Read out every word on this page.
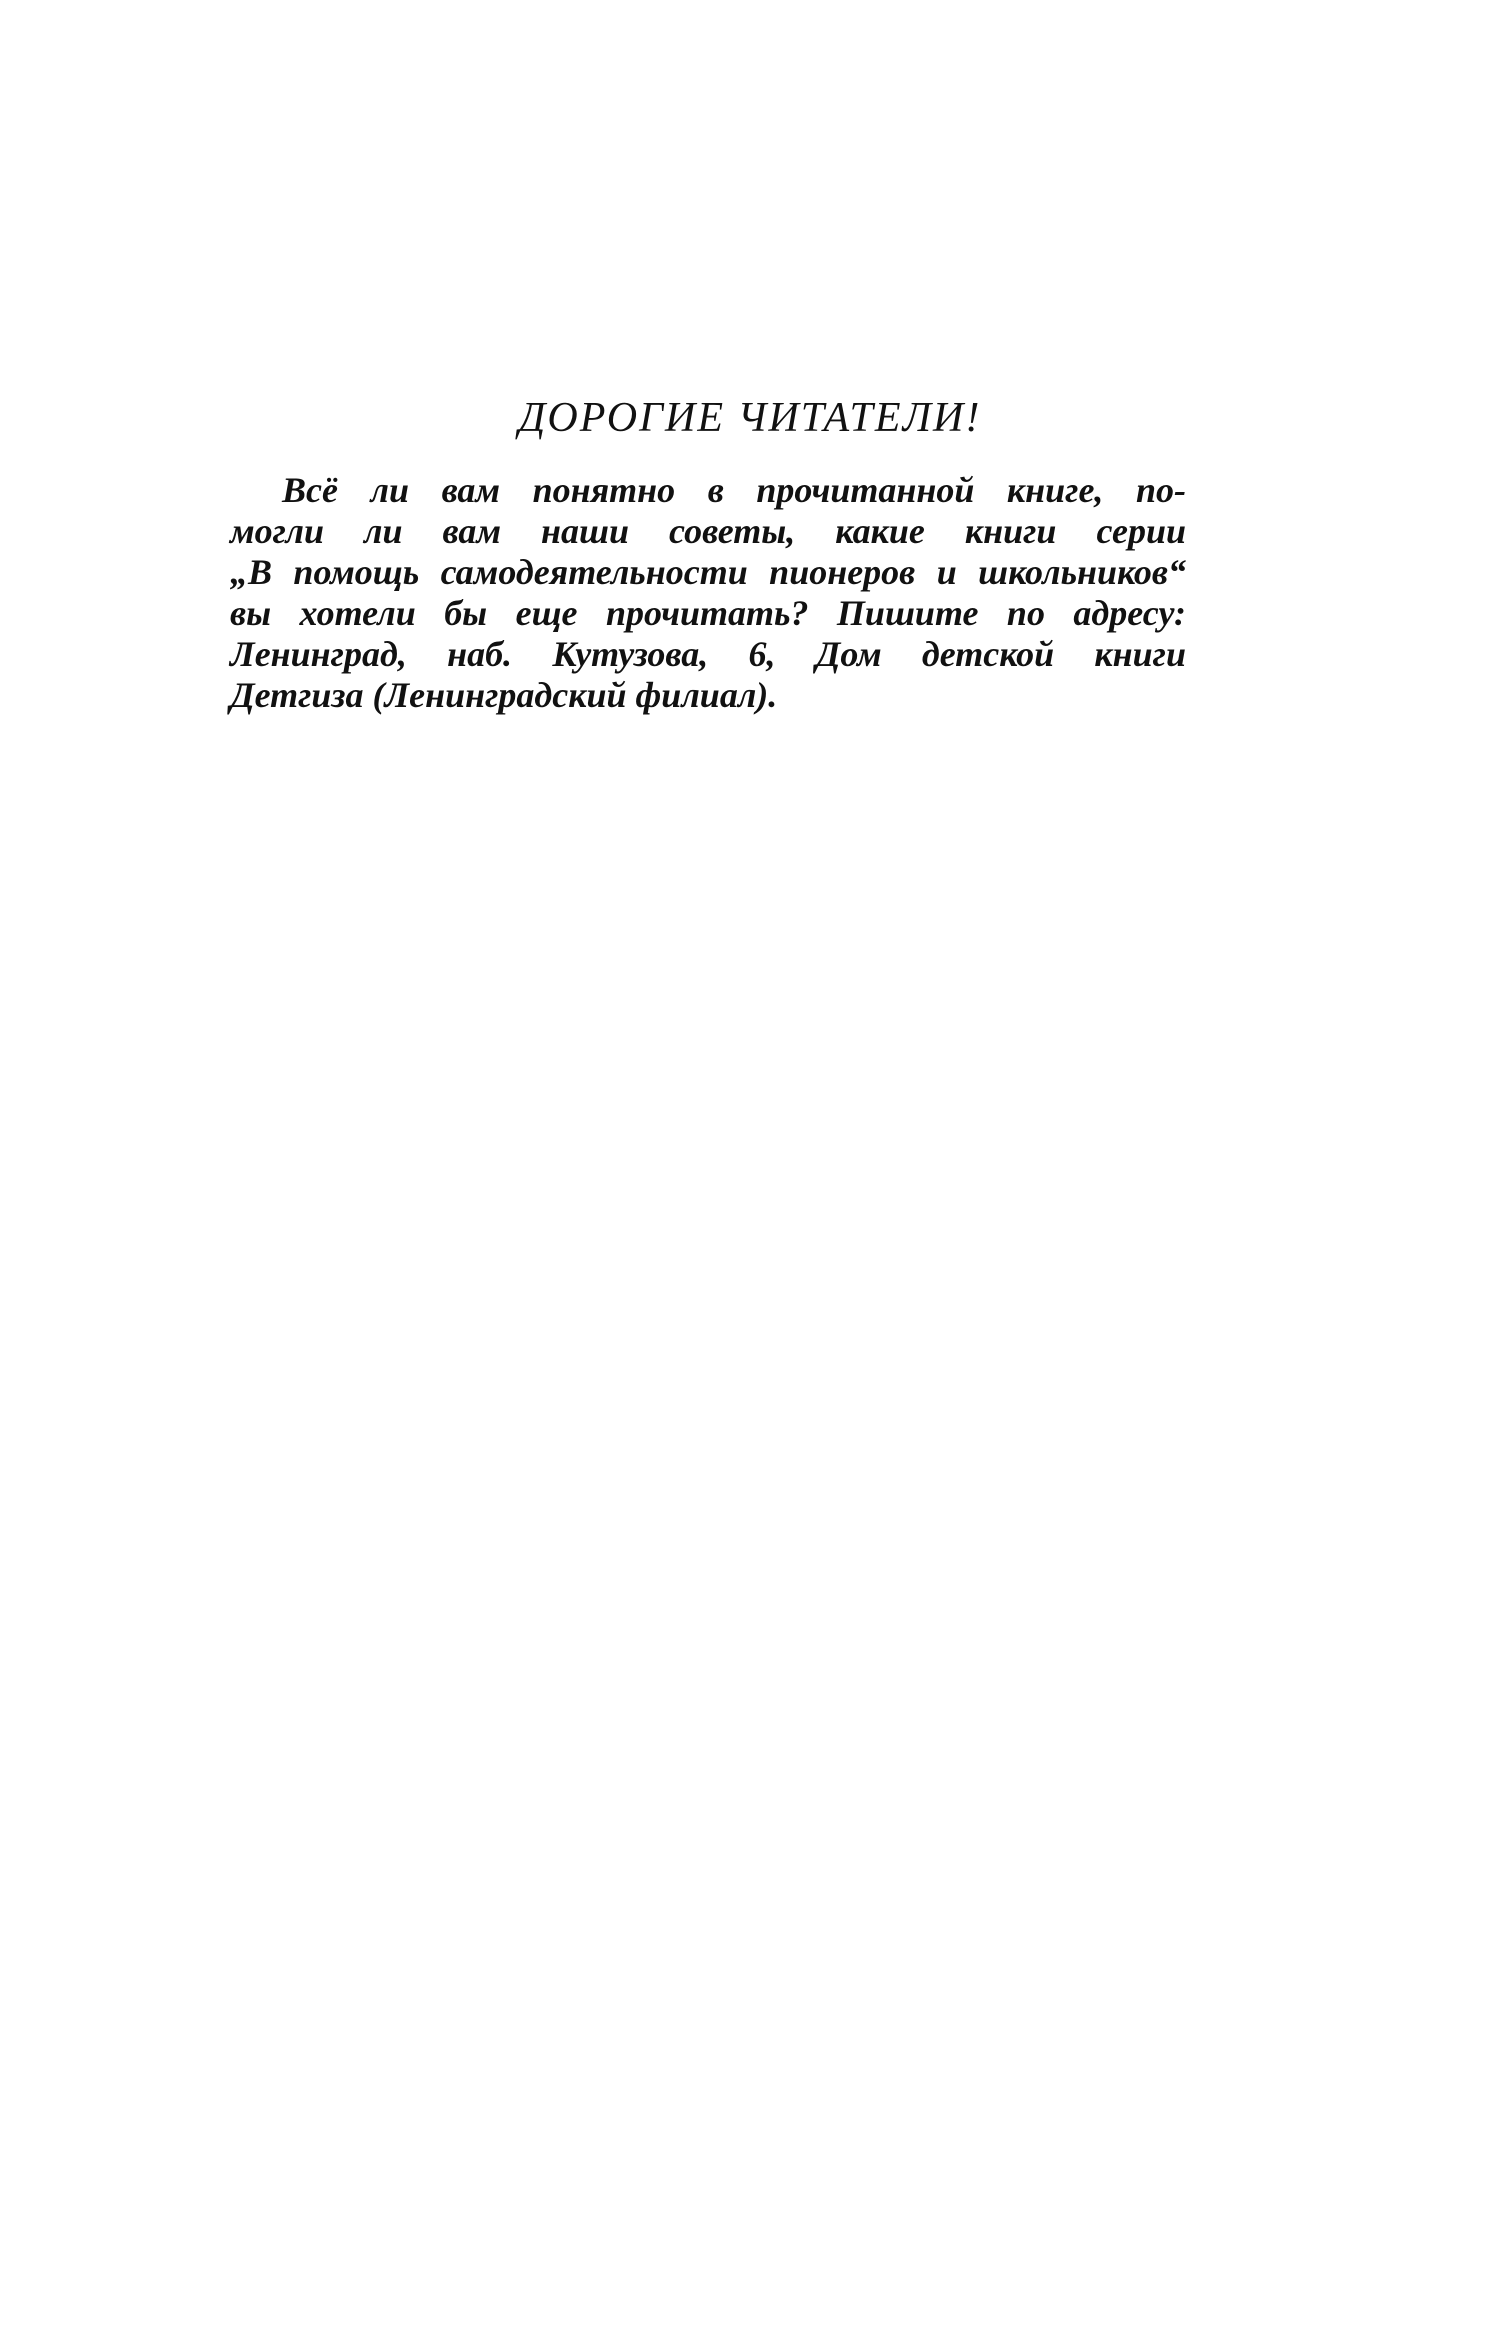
ДОРОГИЕ ЧИТАТЕЛИ!
Всё ли вам понятно в прочитанной книге, по-
могли ли вам наши советы, какие книги серии
„В помощь самодеятельности пионеров и школьников“
вы хотели бы еще прочитать? Пишите по адресу:
Ленинград, наб. Кутузова, 6, Дом детской книги
Детгиза (Ленинградский филиал).
